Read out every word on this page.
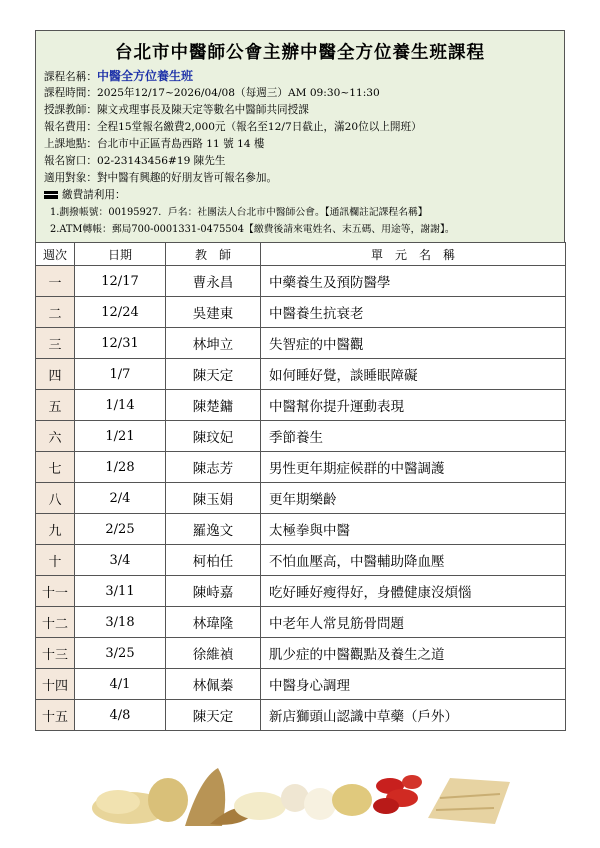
台北市中醫師公會主辦中醫全方位養生班課程
課程名稱：中醫全方位養生班
課程時間：2025年12/17~2026/04/08（每週三）AM 09:30~11:30
授課教師：陳文戎理事長及陳天定等數名中醫師共同授課
報名費用：全程15堂報名繳費2,000元（報名至12/7日截止，滿20位以上開班）
上課地點：台北市中正區青島西路 11 號 14 樓
報名窗口：02-23143456#19 陳先生
適用對象：對中醫有興趣的好朋友皆可報名參加。
繳費請利用：
1.劃撥帳號：00195927．戶名：社團法人台北市中醫師公會。【通訊欄註記課程名稱】
2.ATM轉帳：郵局700-0001331-0475504【繳費後請來電姓名、末五碼、用途等，謝謝】。
週次	日期	教　師	單　元　名　稱
一	12/17	曹永昌	中藥養生及預防醫學
二	12/24	吳建東	中醫養生抗衰老
三	12/31	林坤立	失智症的中醫觀
四	1/7	陳天定	如何睡好覺，談睡眠障礙
五	1/14	陳楚鏞	中醫幫你提升運動表現
六	1/21	陳玟妃	季節養生
七	1/28	陳志芳	男性更年期症候群的中醫調護
八	2/4	陳玉娟	更年期樂齡
九	2/25	羅逸文	太極拳與中醫
十	3/4	柯柏任	不怕血壓高，中醫輔助降血壓
十一	3/11	陳峙嘉	吃好睡好瘦得好，身體健康沒煩惱
十二	3/18	林瑋隆	中老年人常見筋骨問題
十三	3/25	徐維禎	肌少症的中醫觀點及養生之道
十四	4/1	林佩蓁	中醫身心調理
十五	4/8	陳天定	新店獅頭山認識中草藥（戶外）
